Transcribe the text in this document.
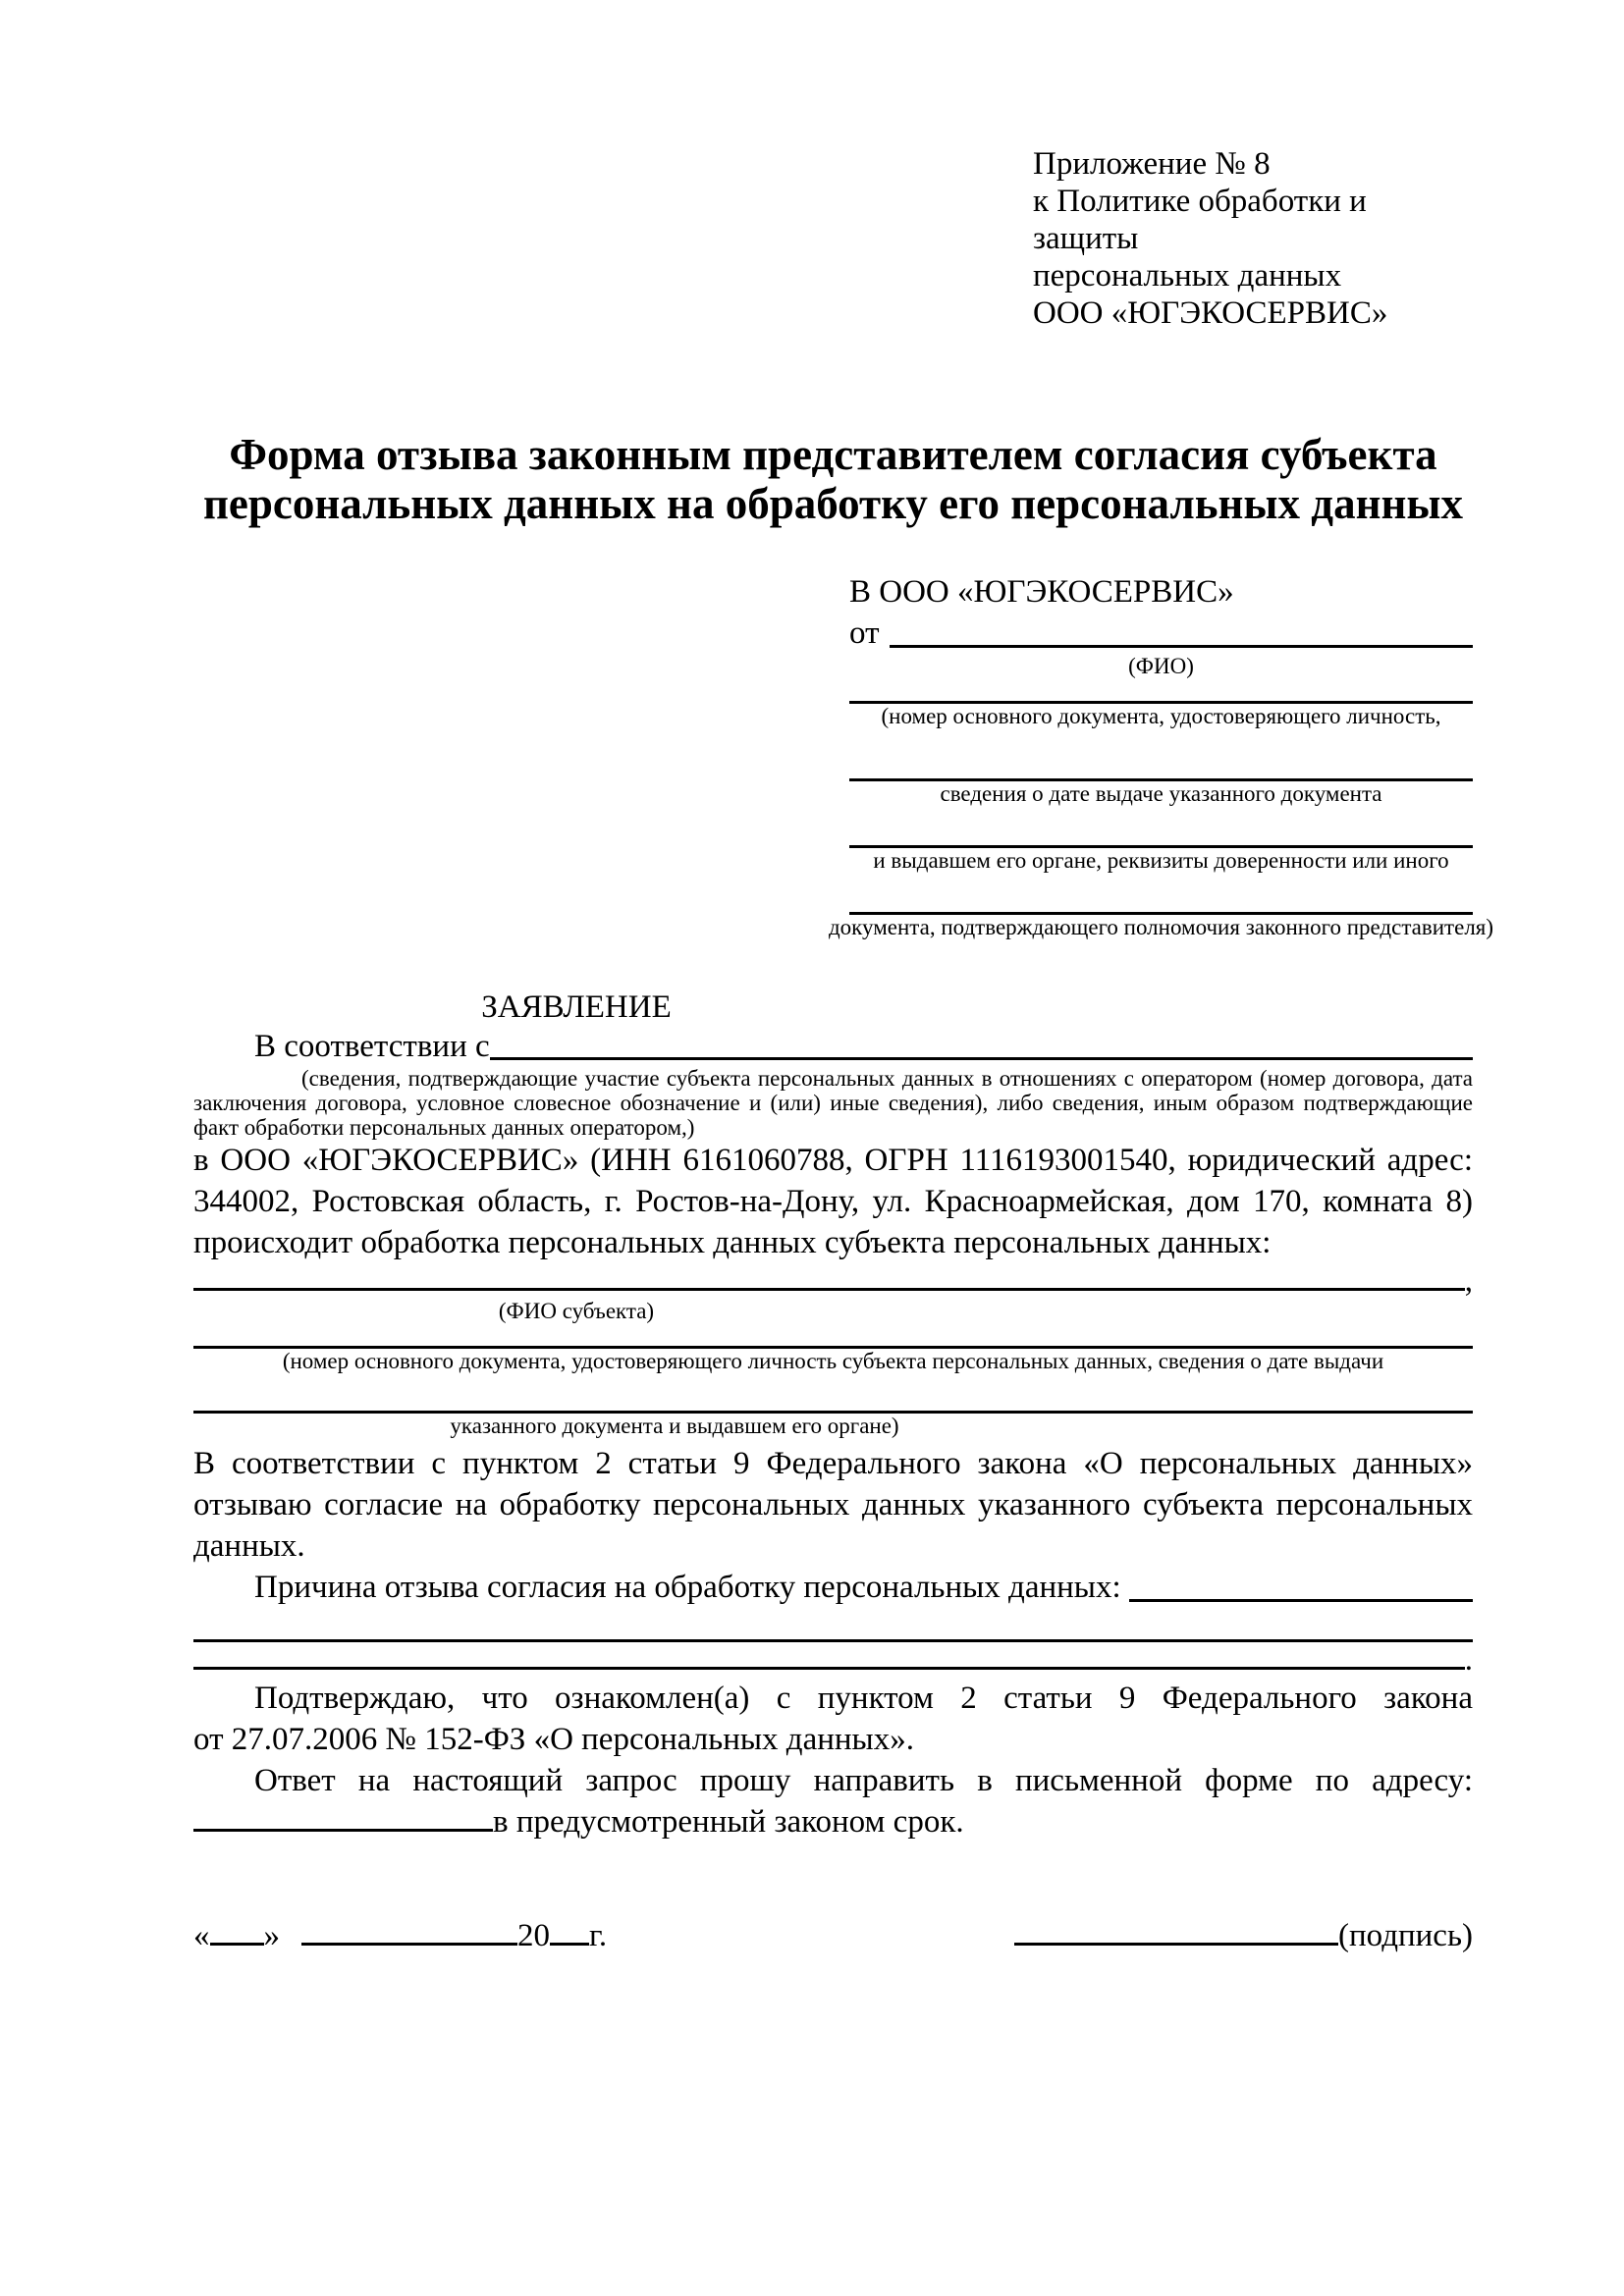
Приложение № 8
к Политике обработки и защиты
персональных данных
ООО «ЮГЭКОСЕРВИС»
Форма отзыва законным представителем согласия субъекта
персональных данных на обработку его персональных данных
В ООО «ЮГЭКОСЕРВИС»
от
(ФИО)
(номер основного документа, удостоверяющего личность,
сведения о дате выдаче указанного документа
и выдавшем его органе, реквизиты доверенности или иного
документа, подтверждающего полномочия законного представителя)
ЗАЯВЛЕНИЕ
В соответствии с
(сведения, подтверждающие участие субъекта персональных данных в отношениях с оператором (номер договора, дата заключения договора, условное словесное обозначение и (или) иные сведения), либо сведения, иным образом подтверждающие факт обработки персональных данных оператором,)
в ООО «ЮГЭКОСЕРВИС» (ИНН 6161060788, ОГРН 1116193001540, юридический адрес:
344002, Ростовская область, г. Ростов-на-Дону, ул. Красноармейская, дом 170, комната 8)
происходит обработка персональных данных субъекта персональных данных:
,
(ФИО субъекта)
(номер основного документа, удостоверяющего личность субъекта персональных данных, сведения о дате выдачи
указанного документа и выдавшем его органе)
В соответствии с пунктом 2 статьи 9 Федерального закона «О персональных данных»
отзываю согласие на обработку персональных данных указанного субъекта персональных
данных.
Причина отзыва согласия на обработку персональных данных:
.
Подтверждаю, что ознакомлен(а) с пунктом 2 статьи 9 Федерального закона
от 27.07.2006 № 152-ФЗ «О персональных данных».
Ответ на настоящий запрос прошу направить в письменной форме по адресу:
в предусмотренный законом срок.
« »	20 г.	(подпись)
